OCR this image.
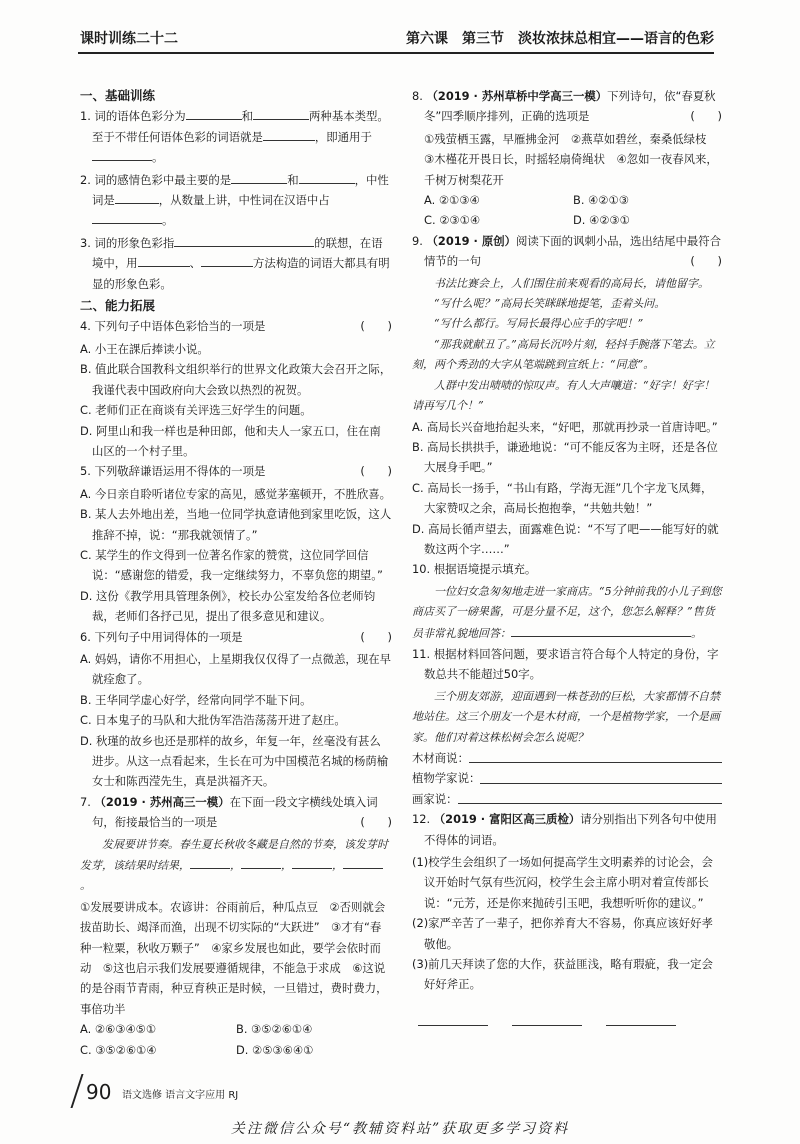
课时训练二十二	第六课　第三节　淡妆浓抹总相宜——语言的色彩

一、基础训练

1. 词的语体色彩分为	和	两种基本类型。至于不带任何语体色彩的词语就是	，即通用于。

2. 词的感情色彩中最主要的是	和	，中性词是	，从数量上讲，中性词在汉语中占。

3. 词的形象色彩指	的联想，在语境中，用	、	方法构造的词语大都具有明显的形象色彩。

二、能力拓展

4. 下列句子中语体色彩恰当的一项是	(　　)

A. 小王在課后捧读小说。

B. 值此联合国教科文组织举行的世界文化政策大会召开之际，我谨代表中国政府向大会致以热烈的祝贺。

C. 老师们正在商谈有关评选三好学生的问题。

D. 阿里山和我一样也是种田郎，他和夫人一家五口，住在南山区的一个村子里。

5. 下列敬辞谦语运用不得体的一项是	(　　)

A. 今日亲自聆听诸位专家的高见，感觉茅塞顿开，不胜欣喜。

B. 某人去外地出差，当地一位同学执意请他到家里吃饭，这人推辞不掉，说：“那我就领情了。”

C. 某学生的作文得到一位著名作家的赞赏，这位同学回信说：“感谢您的错爱，我一定继续努力，不辜负您的期望。”

D. 这份《教学用具管理条例》，校长办公室发给各位老师钧裁，老师们各抒己见，提出了很多意见和建议。

6. 下列句子中用词得体的一项是	(　　)

A. 妈妈，请你不用担心，上星期我仅仅得了一点微恙，现在早就痊愈了。

B. 王华同学虚心好学，经常向同学不耻下问。

C. 日本鬼子的马队和大批伪军浩浩荡荡开进了赵庄。

D. 秋瑾的故乡也还是那样的故乡，年复一年，丝毫没有甚么进步。从这一点看起来，生长在可为中国模范名城的杨荫榆女士和陈西滢先生，真是洪福齐天。

7. （2019 · 苏州高三一模）在下面一段文字横线处填入词句，衔接最恰当的一项是	(　　)

发展要讲节奏。春生夏长秋收冬藏是自然的节奏，该发芽时发芽，该结果时结果，	，	，	，。

①发展要讲成本。农谚讲：谷雨前后，种瓜点豆　②否则就会拔苗助长、竭泽而渔，出现不切实际的“大跃进”　③才有“春种一粒粟，秋收万颗子”　④家乡发展也如此，要学会依时而动　⑤这也启示我们发展要遵循规律，不能急于求成　⑥这说的是谷雨节青雨，种豆育秧正是时候，一旦错过，费时费力，事倍功半

A. ②⑥③④⑤①	B. ③⑤②⑥①④
C. ③⑤②⑥①④	D. ②⑤③⑥④①

8. （2019 · 苏州草桥中学高三一模）下列诗句，依“春夏秋冬”四季顺序排列，正确的选项是	(　　)

①残萤栖玉露，早雁拂金河　②燕草如碧丝，秦桑低绿枝　③木槿花开畏日长，时摇轻扇倚绳状　④忽如一夜春风来，千树万树梨花开

A. ②①③④	B. ④②①③
C. ②③①④	D. ④②③①

9. （2019 · 原创）阅读下面的讽刺小品，选出结尾中最符合情节的一句	(　　)

书法比赛会上，人们围住前来观看的高局长，请他留字。

“写什么呢？”高局长笑眯眯地提笔，歪着头问。

“写什么都行。写局长最得心应手的字吧！”

“那我就献丑了。”高局长沉吟片刻，轻抖手腕落下笔去。立刻，两个秀劲的大字从笔端跳到宣纸上：“同意”。

人群中发出啧啧的惊叹声。有人大声嚷道：“好字！好字！请再写几个！”

A. 高局长兴奋地抬起头来，“好吧，那就再抄录一首唐诗吧。”

B. 高局长拱拱手，谦逊地说：“可不能反客为主呀，还是各位大展身手吧。”

C. 高局长一扬手，“书山有路，学海无涯”几个字龙飞凤舞，大家赞叹之余，高局长抱抱拳，“共勉共勉！”

D. 高局长循声望去，面露难色说：“不写了吧——能写好的就数这两个字……”

10. 根据语境提示填充。

一位妇女急匆匆地走进一家商店。“5分钟前我的小儿子到您商店买了一磅果酱，可是分量不足，这个，您怎么解释？”售货员非常礼貌地回答：	。

11. 根据材料回答问题，要求语言符合每个人特定的身份，字数总共不能超过50字。

三个朋友郊游，迎面遇到一株苍劲的巨松，大家都情不自禁地站住。这三个朋友一个是木材商，一个是植物学家，一个是画家。他们对着这株松树会怎么说呢？

木材商说：
植物学家说：
画家说：

12. （2019 · 富阳区高三质检）请分别指出下列各句中使用不得体的词语。

(1)校学生会组织了一场如何提高学生文明素养的讨论会，会议开始时气氛有些沉闷，校学生会主席小明对着宣传部长说：“元芳，还是你来抛砖引玉吧，我想听听你的建议。”

(2)家严辛苦了一辈子，把你养育大不容易，你真应该好好孝敬他。

(3)前几天拜读了您的大作，获益匪浅，略有瑕疵，我一定会好好斧正。

90 语文选修 语言文字应用 RJ
关注微信公众号“教辅资料站”获取更多学习资料
